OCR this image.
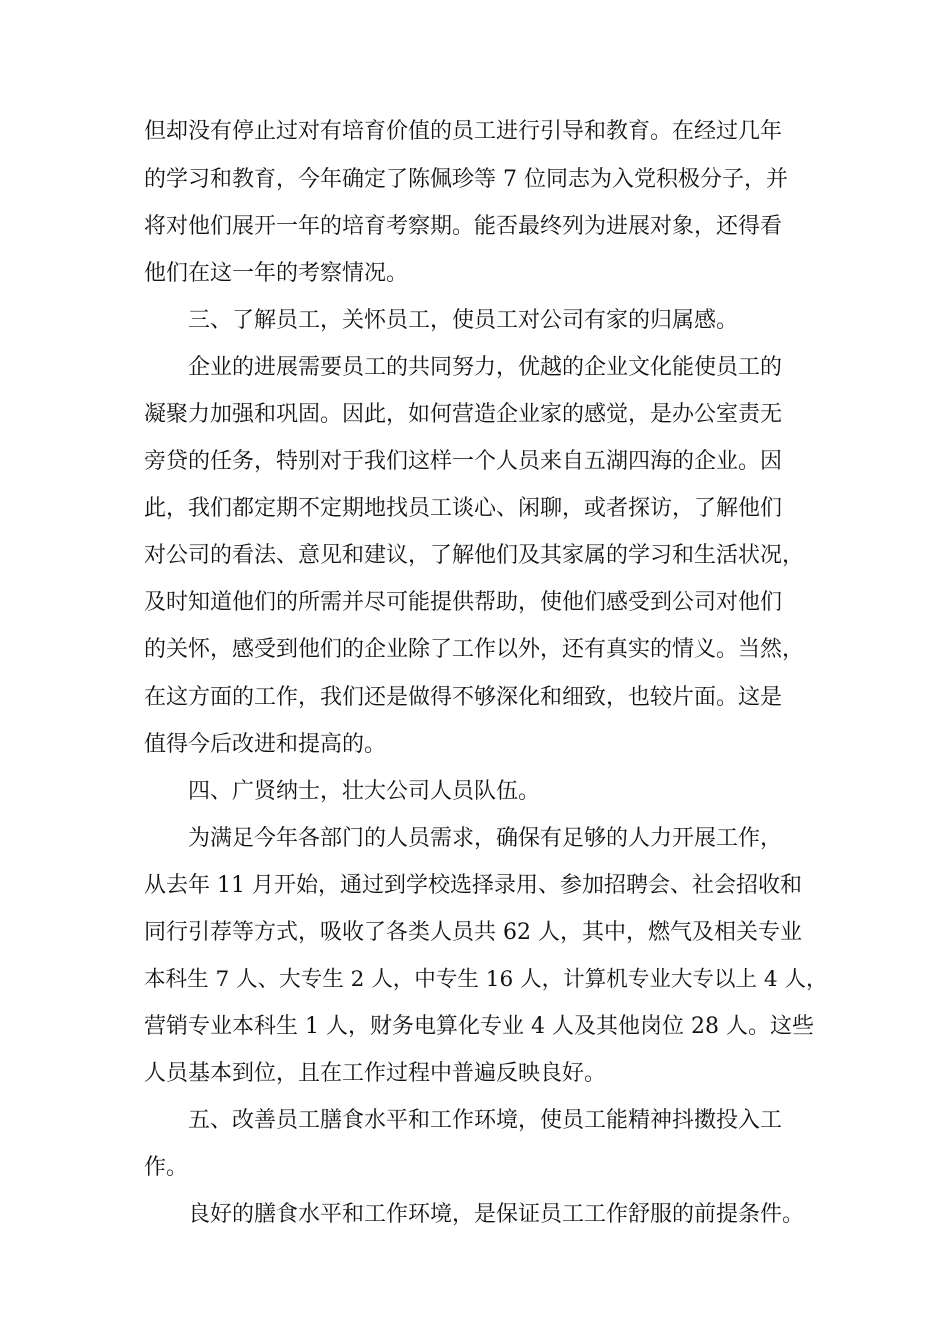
但却没有停止过对有培育价值的员工进行引导和教育。在经过几年
的学习和教育，今年确定了陈佩珍等 7 位同志为入党积极分子，并
将对他们展开一年的培育考察期。能否最终列为进展对象，还得看
他们在这一年的考察情况。
三、了解员工，关怀员工，使员工对公司有家的归属感。
企业的进展需要员工的共同努力，优越的企业文化能使员工的
凝聚力加强和巩固。因此，如何营造企业家的感觉，是办公室责无
旁贷的任务，特别对于我们这样一个人员来自五湖四海的企业。因
此，我们都定期不定期地找员工谈心、闲聊，或者探访，了解他们
对公司的看法、意见和建议，了解他们及其家属的学习和生活状况，
及时知道他们的所需并尽可能提供帮助，使他们感受到公司对他们
的关怀，感受到他们的企业除了工作以外，还有真实的情义。当然，
在这方面的工作，我们还是做得不够深化和细致，也较片面。这是
值得今后改进和提高的。
四、广贤纳士，壮大公司人员队伍。
为满足今年各部门的人员需求，确保有足够的人力开展工作，
从去年 11 月开始，通过到学校选择录用、参加招聘会、社会招收和
同行引荐等方式，吸收了各类人员共 62 人，其中，燃气及相关专业
本科生 7 人、大专生 2 人，中专生 16 人，计算机专业大专以上 4 人，
营销专业本科生 1 人，财务电算化专业 4 人及其他岗位 28 人。这些
人员基本到位，且在工作过程中普遍反映良好。
五、改善员工膳食水平和工作环境，使员工能精神抖擞投入工
作。
良好的膳食水平和工作环境，是保证员工工作舒服的前提条件。
